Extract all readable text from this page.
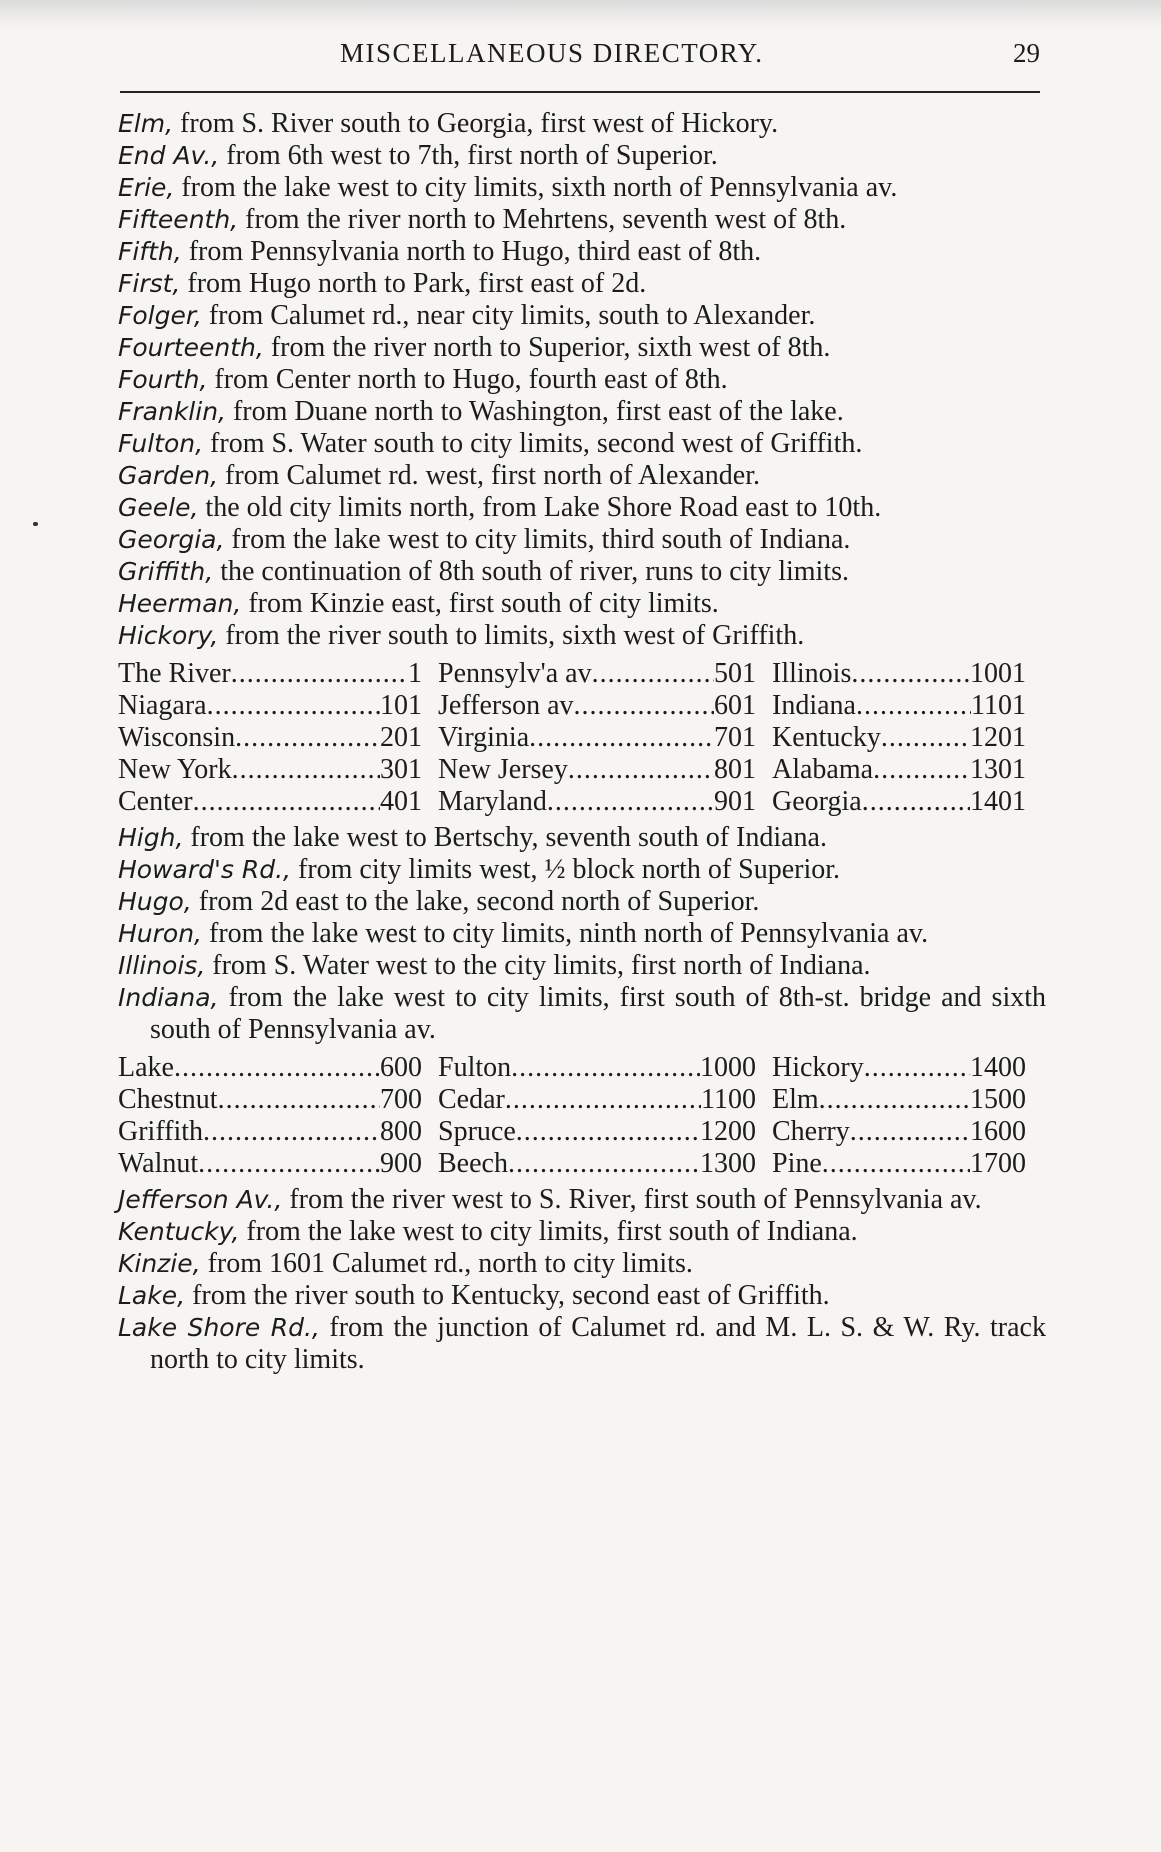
MISCELLANEOUS DIRECTORY.	29

Elm, from S. River south to Georgia, first west of Hickory.

End Av., from 6th west to 7th, first north of Superior.

Erie, from the lake west to city limits, sixth north of Pennsylvania av.

Fifteenth, from the river north to Mehrtens, seventh west of 8th.

Fifth, from Pennsylvania north to Hugo, third east of 8th.

First, from Hugo north to Park, first east of 2d.

Folger, from Calumet rd., near city limits, south to Alexander.

Fourteenth, from the river north to Superior, sixth west of 8th.

Fourth, from Center north to Hugo, fourth east of 8th.

Franklin, from Duane north to Washington, first east of the lake.

Fulton, from S. Water south to city limits, second west of Griffith.

Garden, from Calumet rd. west, first north of Alexander.

Geele, the old city limits north, from Lake Shore Road east to 10th.

Georgia, from the lake west to city limits, third south of Indiana.

Griffith, the continuation of 8th south of river, runs to city limits.

Heerman, from Kinzie east, first south of city limits.

Hickory, from the river south to limits, sixth west of Griffith.

The River .....	1 Pennsylv'a av .....	501 Illinois .....	1001
Niagara .....	101 Jefferson av .....	601 Indiana .....	1101
Wisconsin .....	201 Virginia .....	701 Kentucky .....	1201
New York .....	301 New Jersey .....	801 Alabama .....	1301
Center .....	401 Maryland .....	901 Georgia .....	1401

High, from the lake west to Bertschy, seventh south of Indiana.

Howard's Rd., from city limits west, ½ block north of Superior.

Hugo, from 2d east to the lake, second north of Superior.

Huron, from the lake west to city limits, ninth north of Pennsylvania av.

Illinois, from S. Water west to the city limits, first north of Indiana.

Indiana, from the lake west to city limits, first south of 8th-st. bridge and sixth south of Pennsylvania av.

Lake .....	600 Fulton .....	1000 Hickory .....	1400
Chestnut .....	700 Cedar .....	1100 Elm .....	1500
Griffith .....	800 Spruce .....	1200 Cherry .....	1600
Walnut .....	900 Beech .....	1300 Pine .....	1700

Jefferson Av., from the river west to S. River, first south of Pennsylvania av.

Kentucky, from the lake west to city limits, first south of Indiana.

Kinzie, from 1601 Calumet rd., north to city limits.

Lake, from the river south to Kentucky, second east of Griffith.

Lake Shore Rd., from the junction of Calumet rd. and M. L. S. & W. Ry. track north to city limits.
